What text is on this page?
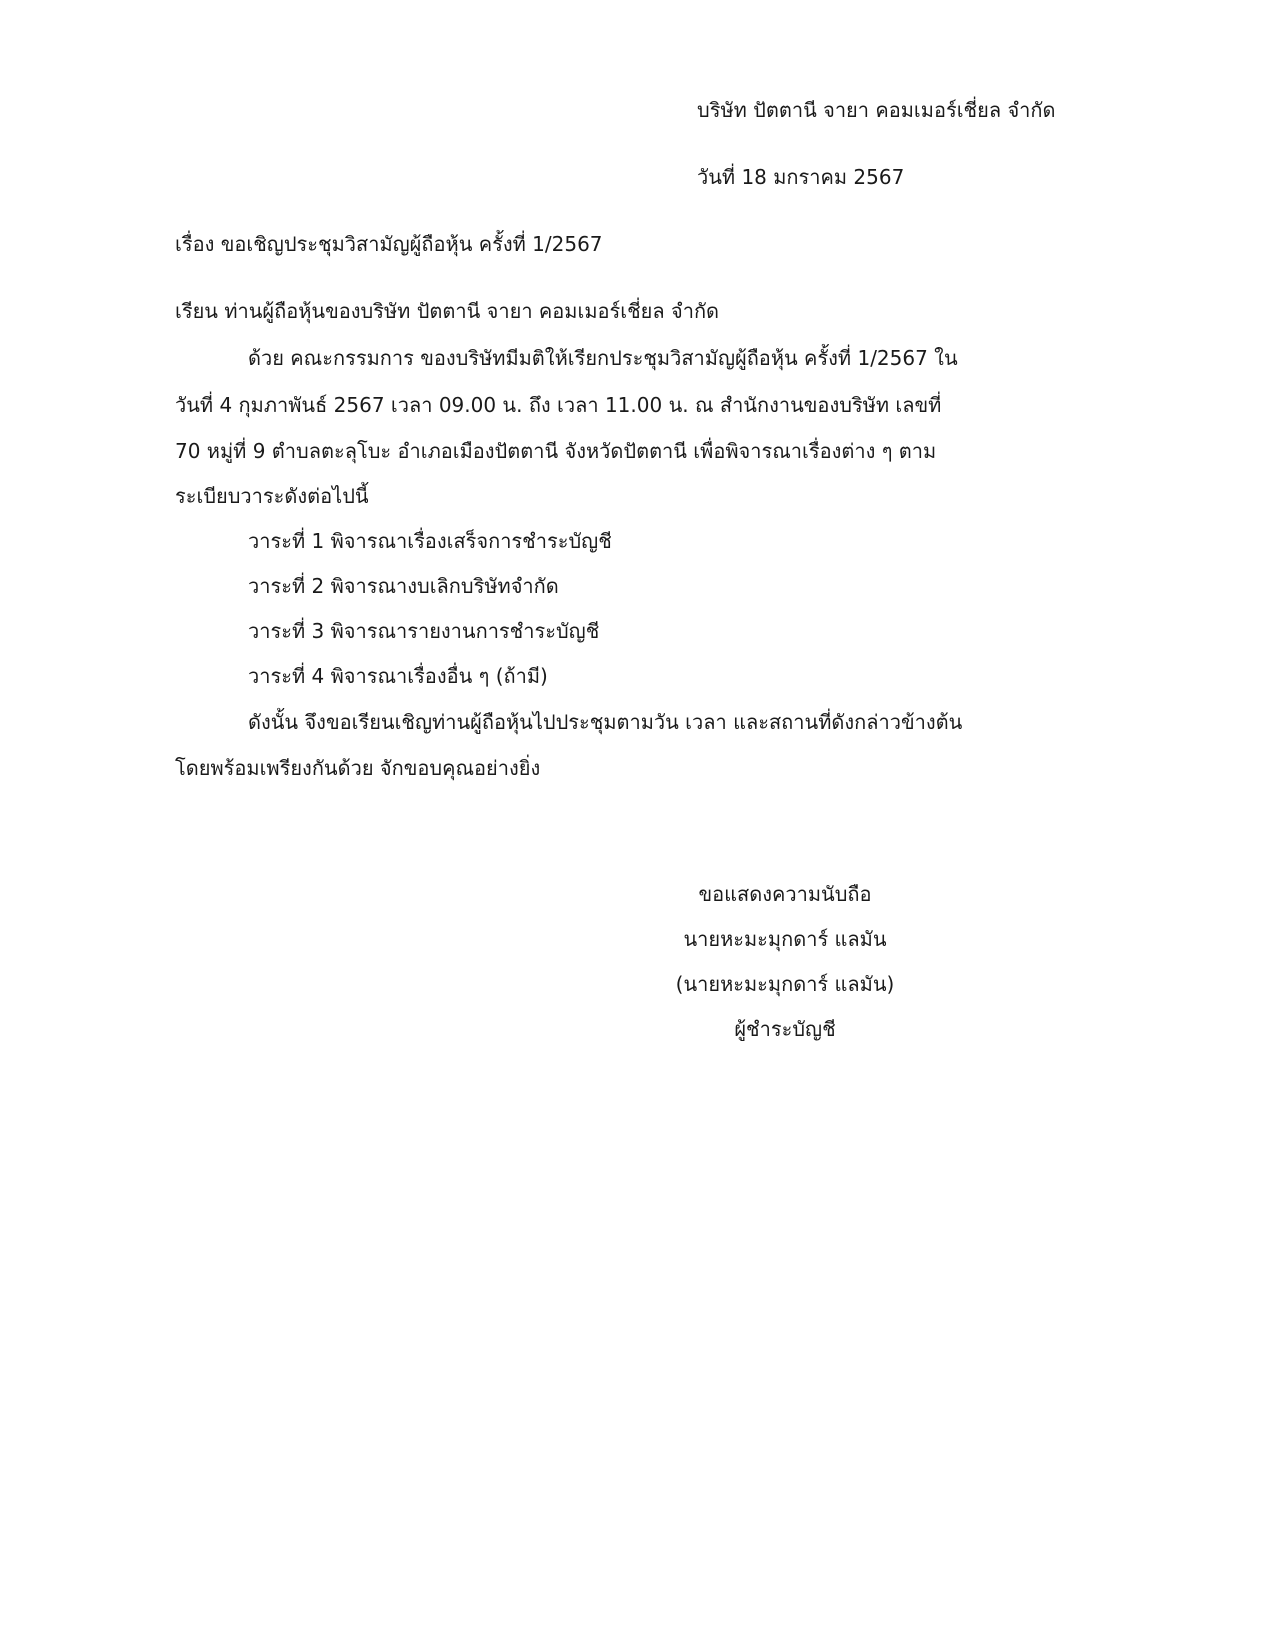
บริษัท ปัตตานี จายา คอมเมอร์เชี่ยล จำกัด
วันที่ 18 มกราคม 2567
เรื่อง ขอเชิญประชุมวิสามัญผู้ถือหุ้น ครั้งที่ 1/2567
เรียน ท่านผู้ถือหุ้นของบริษัท ปัตตานี จายา คอมเมอร์เชี่ยล จำกัด
ด้วย คณะกรรมการ ของบริษัทมีมติให้เรียกประชุมวิสามัญผู้ถือหุ้น ครั้งที่ 1/2567 ใน
วันที่ 4 กุมภาพันธ์ 2567 เวลา 09.00 น. ถึง เวลา 11.00 น. ณ สำนักงานของบริษัท เลขที่
70 หมู่ที่ 9 ตำบลตะลุโบะ อำเภอเมืองปัตตานี จังหวัดปัตตานี เพื่อพิจารณาเรื่องต่าง ๆ ตาม
ระเบียบวาระดังต่อไปนี้
วาระที่ 1 พิจารณาเรื่องเสร็จการชำระบัญชี
วาระที่ 2 พิจารณางบเลิกบริษัทจำกัด
วาระที่ 3 พิจารณารายงานการชำระบัญชี
วาระที่ 4 พิจารณาเรื่องอื่น ๆ (ถ้ามี)
ดังนั้น จึงขอเรียนเชิญท่านผู้ถือหุ้นไปประชุมตามวัน เวลา และสถานที่ดังกล่าวข้างต้น
โดยพร้อมเพรียงกันด้วย จักขอบคุณอย่างยิ่ง
ขอแสดงความนับถือ
นายหะมะมุกดาร์ แลมัน
(นายหะมะมุกดาร์ แลมัน)
ผู้ชำระบัญชี
